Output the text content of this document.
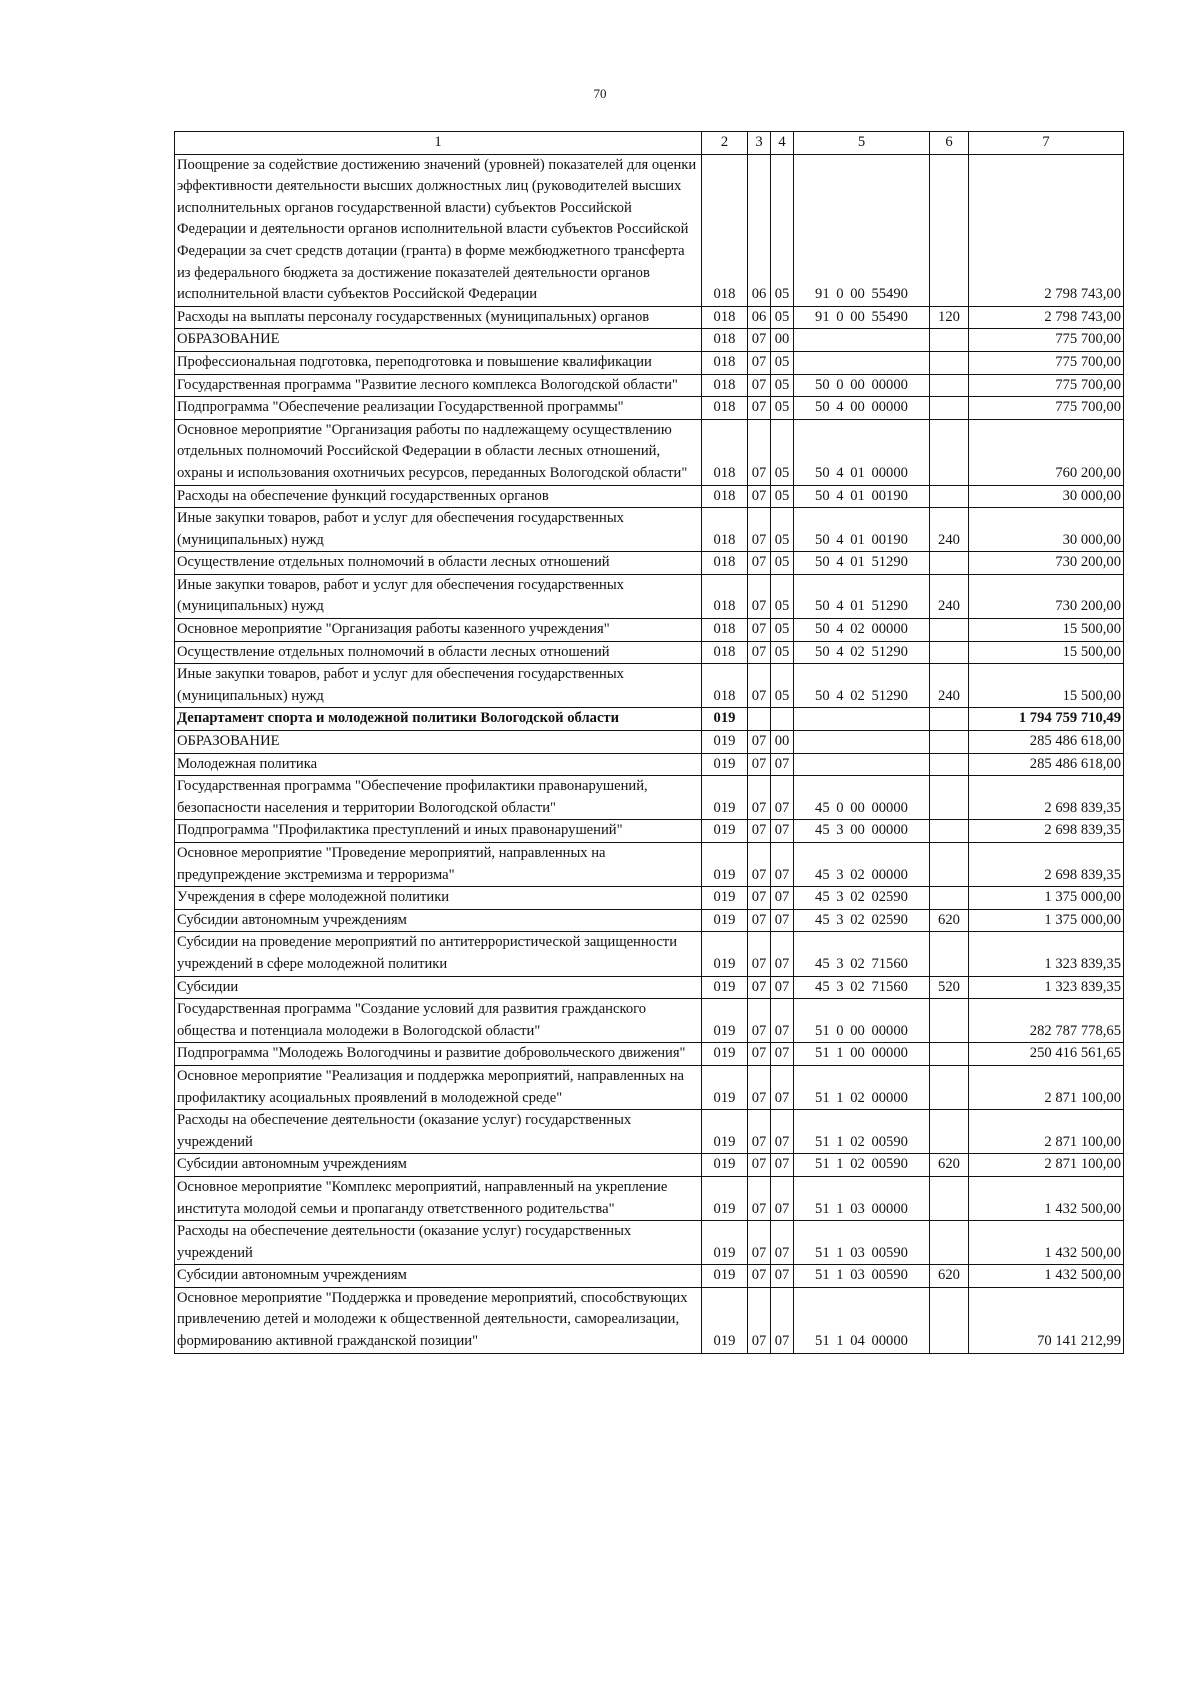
70
1	2	3	4	5	6	7
Поощрение за содействие достижению значений (уровней) показателей для оценки эффективности деятельности высших должностных лиц (руководителей высших исполнительных органов государственной власти) субъектов Российской Федерации и деятельности органов исполнительной власти субъектов Российской Федерации за счет средств дотации (гранта) в форме межбюджетного трансферта из федерального бюджета за достижение показателей деятельности органов исполнительной власти субъектов Российской Федерации	018	06	05	91 0 00 55490		2 798 743,00
Расходы на выплаты персоналу государственных (муниципальных) органов	018	06	05	91 0 00 55490	120	2 798 743,00
ОБРАЗОВАНИЕ	018	07	00			775 700,00
Профессиональная подготовка, переподготовка и повышение квалификации	018	07	05			775 700,00
Государственная программа "Развитие лесного комплекса Вологодской области"	018	07	05	50 0 00 00000		775 700,00
Подпрограмма "Обеспечение реализации Государственной программы"	018	07	05	50 4 00 00000		775 700,00
Основное мероприятие "Организация работы по надлежащему осуществлению отдельных полномочий Российской Федерации в области лесных отношений, охраны и использования охотничьих ресурсов, переданных Вологодской области"	018	07	05	50 4 01 00000		760 200,00
Расходы на обеспечение функций государственных органов	018	07	05	50 4 01 00190		30 000,00
Иные закупки товаров, работ и услуг для обеспечения государственных (муниципальных) нужд	018	07	05	50 4 01 00190	240	30 000,00
Осуществление отдельных полномочий в области лесных отношений	018	07	05	50 4 01 51290		730 200,00
Иные закупки товаров, работ и услуг для обеспечения государственных (муниципальных) нужд	018	07	05	50 4 01 51290	240	730 200,00
Основное мероприятие "Организация работы казенного учреждения"	018	07	05	50 4 02 00000		15 500,00
Осуществление отдельных полномочий в области лесных отношений	018	07	05	50 4 02 51290		15 500,00
Иные закупки товаров, работ и услуг для обеспечения государственных (муниципальных) нужд	018	07	05	50 4 02 51290	240	15 500,00
Департамент спорта и молодежной политики Вологодской области	019					1 794 759 710,49
ОБРАЗОВАНИЕ	019	07	00			285 486 618,00
Молодежная политика	019	07	07			285 486 618,00
Государственная программа "Обеспечение профилактики правонарушений, безопасности населения и территории Вологодской области"	019	07	07	45 0 00 00000		2 698 839,35
Подпрограмма "Профилактика преступлений и иных правонарушений"	019	07	07	45 3 00 00000		2 698 839,35
Основное мероприятие "Проведение мероприятий, направленных на предупреждение экстремизма и терроризма"	019	07	07	45 3 02 00000		2 698 839,35
Учреждения в сфере молодежной политики	019	07	07	45 3 02 02590		1 375 000,00
Субсидии автономным учреждениям	019	07	07	45 3 02 02590	620	1 375 000,00
Субсидии на проведение мероприятий по антитеррористической защищенности учреждений в сфере молодежной политики	019	07	07	45 3 02 71560		1 323 839,35
Субсидии	019	07	07	45 3 02 71560	520	1 323 839,35
Государственная программа "Создание условий для развития гражданского общества и потенциала молодежи в Вологодской области"	019	07	07	51 0 00 00000		282 787 778,65
Подпрограмма "Молодежь Вологодчины и развитие добровольческого движения"	019	07	07	51 1 00 00000		250 416 561,65
Основное мероприятие "Реализация и поддержка мероприятий, направленных на профилактику асоциальных проявлений в молодежной среде"	019	07	07	51 1 02 00000		2 871 100,00
Расходы на обеспечение деятельности (оказание услуг) государственных учреждений	019	07	07	51 1 02 00590		2 871 100,00
Субсидии автономным учреждениям	019	07	07	51 1 02 00590	620	2 871 100,00
Основное мероприятие "Комплекс мероприятий, направленный на укрепление института молодой семьи и пропаганду ответственного родительства"	019	07	07	51 1 03 00000		1 432 500,00
Расходы на обеспечение деятельности (оказание услуг) государственных учреждений	019	07	07	51 1 03 00590		1 432 500,00
Субсидии автономным учреждениям	019	07	07	51 1 03 00590	620	1 432 500,00
Основное мероприятие "Поддержка и проведение мероприятий, способствующих привлечению детей и молодежи к общественной деятельности, самореализации, формированию активной гражданской позиции"	019	07	07	51 1 04 00000		70 141 212,99
